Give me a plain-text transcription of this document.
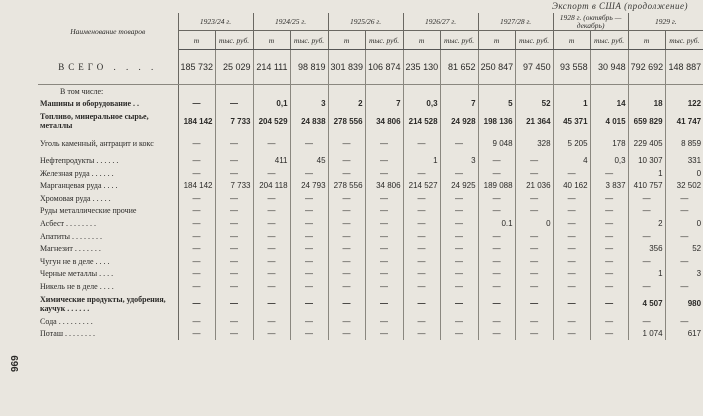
Экспорт в США (продолжение)
969
Наименование товаров	1923/24 г.		1924/25 г.		1925/26 г.		1926/27 г.		1927/28 г.		1928 г. (октябрь — декабрь)		1929 г.	
	т	тыс. руб.	т	тыс. руб.	т	тыс. руб.	т	тыс. руб.	т	тыс. руб.	т	тыс. руб.	т	тыс. руб.
ВСЕГО . . . .	185 732	25 029	214 111	98 819	301 839	106 874	235 130	81 652	250 847	97 450	93 558	30 948	792 692	148 887
В том числе:														
Машины и оборудование . .	—	—	0,1	3	2	7	0,3	7	5	52	1	14	18	122
Топливо, минеральное сырье, металлы	184 142	7 733	204 529	24 838	278 556	34 806	214 528	24 928	198 136	21 364	45 371	4 015	659 829	41 747
Уголь каменный, антрацит и кокс	—	—	—	—	—	—	—	—	9 048	328	5 205	178	229 405	8 859
Нефтепродукты . . . . . .	—	—	411	45	—	—	1	3	—	—	4	0,3	10 307	331
Железная руда . . . . . .	—	—	—	—	—	—	—	—	—	—	—	—	1	0
Марганцевая руда . . . .	184 142	7 733	204 118	24 793	278 556	34 806	214 527	24 925	189 088	21 036	40 162	3 837	410 757	32 502
Хромовая руда . . . . .	—	—	—	—	—	—	—	—	—	—	—	—	—	—
Руды металлические прочие	—	—	—	—	—	—	—	—	—	—	—	—	—	—
Асбест . . . . . . . .	—	—	—	—	—	—	—	—	0.1	0	—	—	2	0
Апатиты . . . . . . . .	—	—	—	—	—	—	—	—	—	—	—	—	—	—
Магнезит . . . . . . .	—	—	—	—	—	—	—	—	—	—	—	—	356	52
Чугун не в деле . . . .	—	—	—	—	—	—	—	—	—	—	—	—	—	—
Черные металлы . . . .	—	—	—	—	—	—	—	—	—	—	—	—	1	3
Никель не в деле . . . .	—	—	—	—	—	—	—	—	—	—	—	—	—	—
Химические продукты, удобрения, каучук . . . . . .	—	—	—	—	—	—	—	—	—	—	—	—	4 507	980
Сода . . . . . . . . .	—	—	—	—	—	—	—	—	—	—	—	—	—	—
Поташ . . . . . . . .	—	—	—	—	—	—	—	—	—	—	—	—	1 074	617
